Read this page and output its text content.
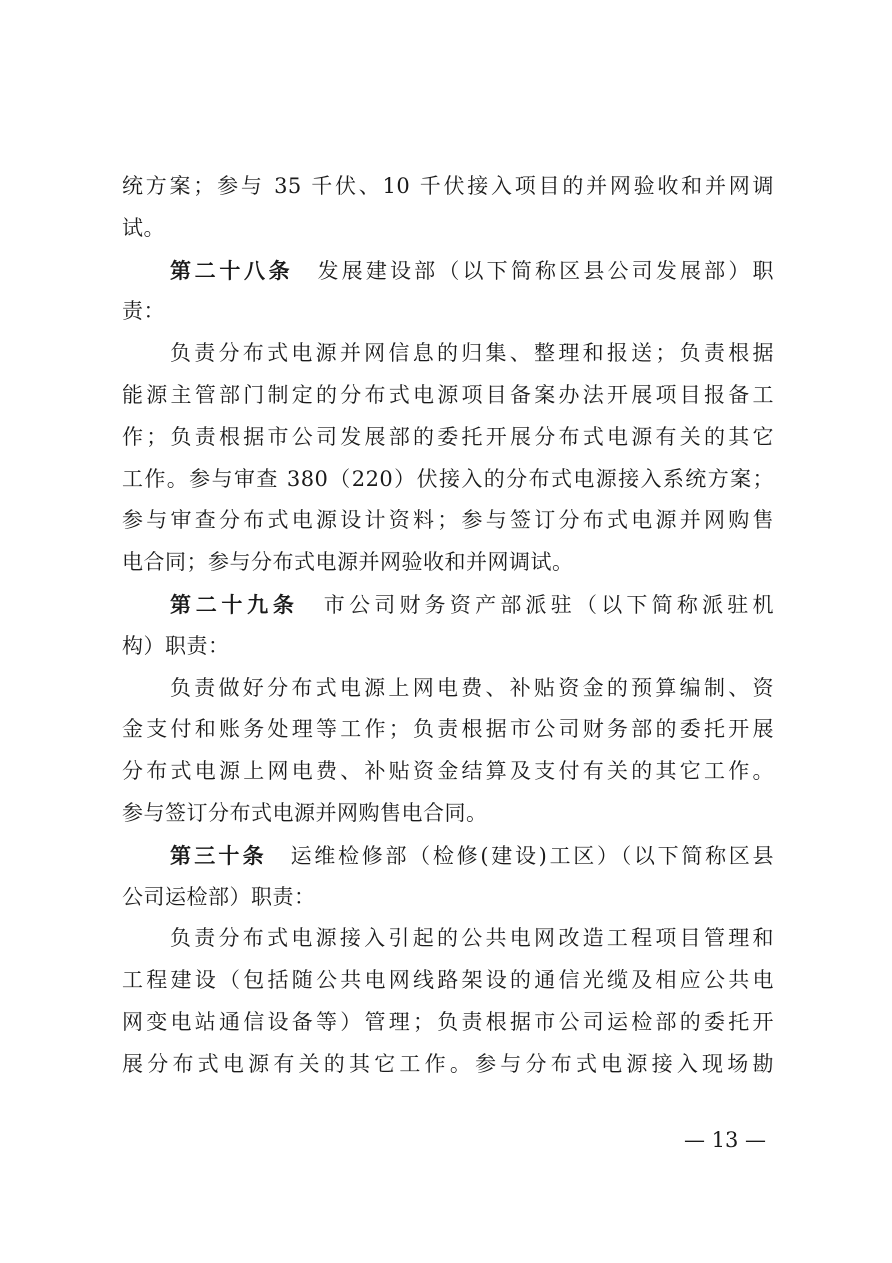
统方案；参与 35 千伏、10 千伏接入项目的并网验收和并网调
试。
第二十八条　发展建设部（以下简称区县公司发展部）职
责：
负责分布式电源并网信息的归集、整理和报送；负责根据
能源主管部门制定的分布式电源项目备案办法开展项目报备工
作；负责根据市公司发展部的委托开展分布式电源有关的其它
工作。参与审查 380（220）伏接入的分布式电源接入系统方案；
参与审查分布式电源设计资料；参与签订分布式电源并网购售
电合同；参与分布式电源并网验收和并网调试。
第二十九条　市公司财务资产部派驻（以下简称派驻机
构）职责：
负责做好分布式电源上网电费、补贴资金的预算编制、资
金支付和账务处理等工作；负责根据市公司财务部的委托开展
分布式电源上网电费、补贴资金结算及支付有关的其它工作。
参与签订分布式电源并网购售电合同。
第三十条　运维检修部（检修(建设)工区）（以下简称区县
公司运检部）职责：
负责分布式电源接入引起的公共电网改造工程项目管理和
工程建设（包括随公共电网线路架设的通信光缆及相应公共电
网变电站通信设备等）管理；负责根据市公司运检部的委托开
展分布式电源有关的其它工作。参与分布式电源接入现场勘
— 13 —
